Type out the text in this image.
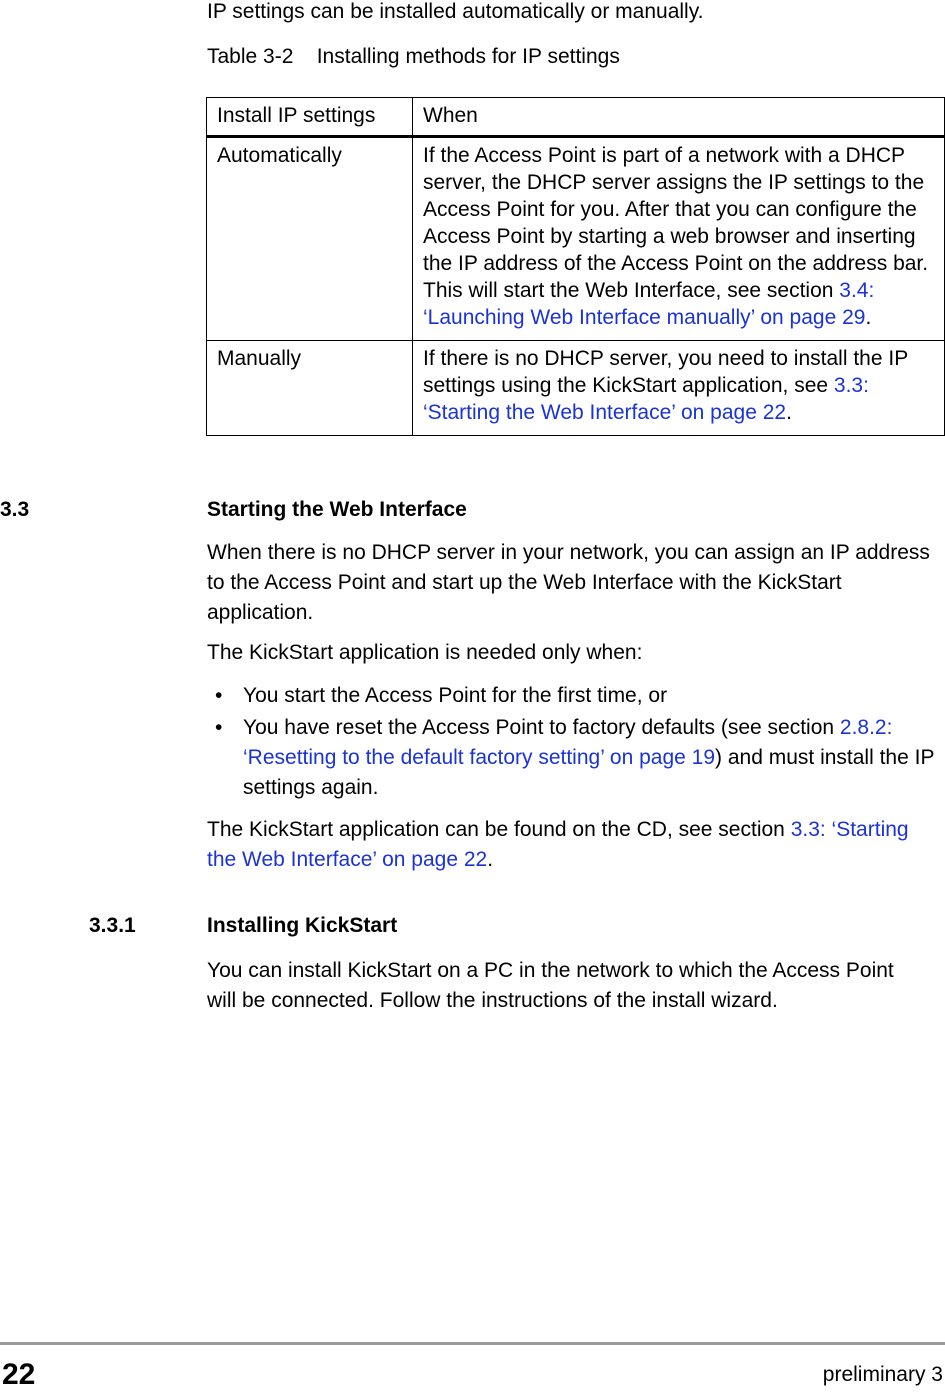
IP settings can be installed automatically or manually.
Table 3-2    Installing methods for IP settings
Install IP settings	When
Automatically	If the Access Point is part of a network with a DHCP server, the DHCP server assigns the IP settings to the Access Point for you. After that you can configure the Access Point by starting a web browser and inserting the IP address of the Access Point on the address bar. This will start the Web Interface, see section 3.4: ‘Launching Web Interface manually’ on page 29.
Manually	If there is no DHCP server, you need to install the IP settings using the KickStart application, see 3.3: ‘Starting the Web Interface’ on page 22.
3.3	Starting the Web Interface
When there is no DHCP server in your network, you can assign an IP address to the Access Point and start up the Web Interface with the KickStart application.
The KickStart application is needed only when:
• You start the Access Point for the first time, or
• You have reset the Access Point to factory defaults (see section 2.8.2: ‘Resetting to the default factory setting’ on page 19) and must install the IP settings again.
The KickStart application can be found on the CD, see section 3.3: ‘Starting the Web Interface’ on page 22.
3.3.1	Installing KickStart
You can install KickStart on a PC in the network to which the Access Point will be connected. Follow the instructions of the install wizard.
22	preliminary 3
